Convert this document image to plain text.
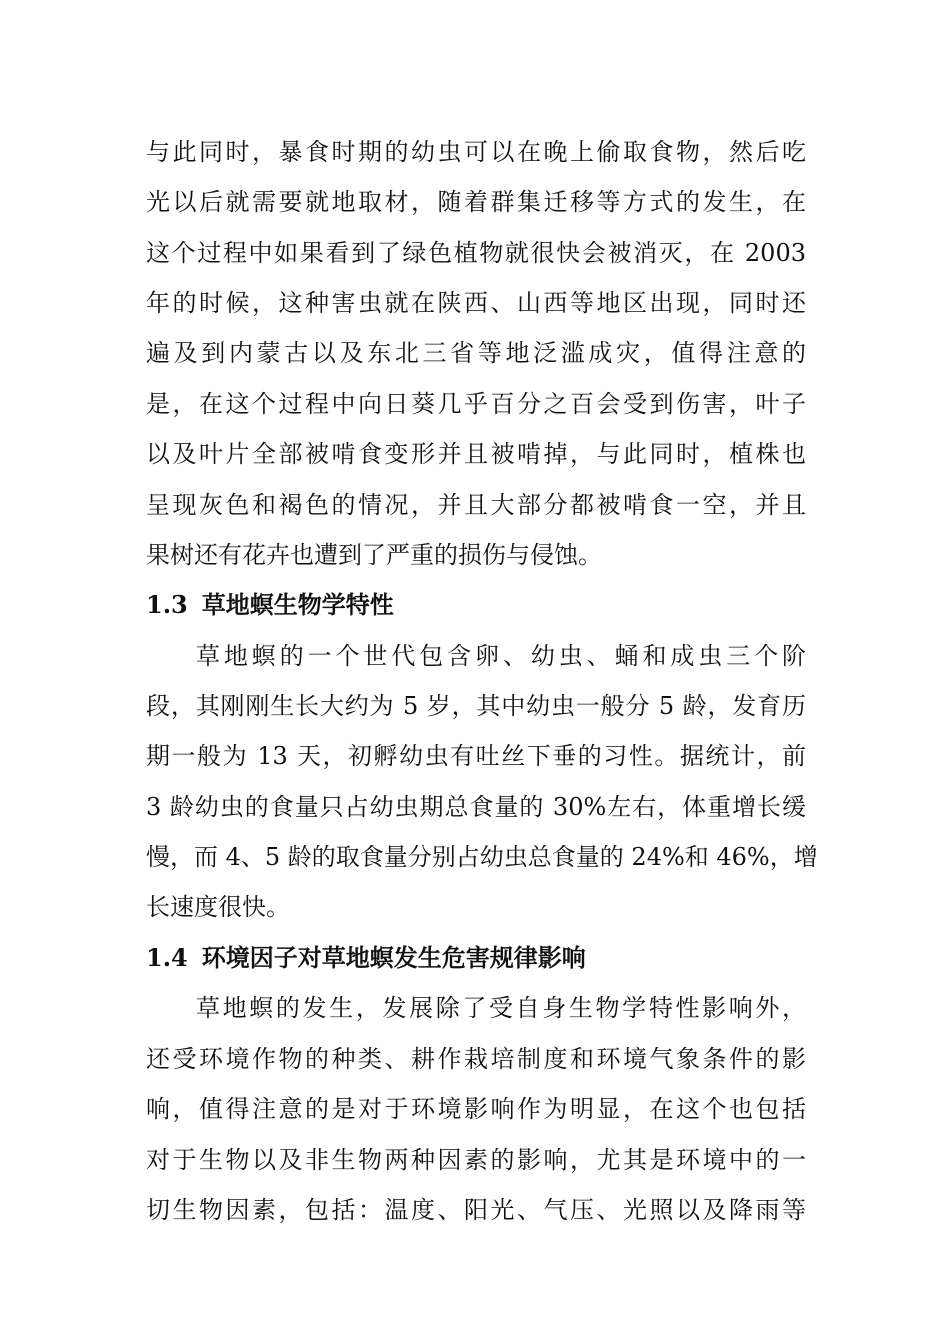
与此同时，暴食时期的幼虫可以在晚上偷取食物，然后吃
光以后就需要就地取材，随着群集迁移等方式的发生，在
这个过程中如果看到了绿色植物就很快会被消灭，在 2003
年的时候，这种害虫就在陕西、山西等地区出现，同时还
遍及到内蒙古以及东北三省等地泛滥成灾，值得注意的
是，在这个过程中向日葵几乎百分之百会受到伤害，叶子
以及叶片全部被啃食变形并且被啃掉，与此同时，植株也
呈现灰色和褐色的情况，并且大部分都被啃食一空，并且
果树还有花卉也遭到了严重的损伤与侵蚀。
1.3 草地螟生物学特性
草地螟的一个世代包含卵、幼虫、蛹和成虫三个阶
段，其刚刚生长大约为 5 岁，其中幼虫一般分 5 龄，发育历
期一般为 13 天，初孵幼虫有吐丝下垂的习性。据统计，前
3 龄幼虫的食量只占幼虫期总食量的 30%左右，体重增长缓
慢，而 4、5 龄的取食量分别占幼虫总食量的 24%和 46%，增
长速度很快。
1.4 环境因子对草地螟发生危害规律影响
草地螟的发生，发展除了受自身生物学特性影响外，
还受环境作物的种类、耕作栽培制度和环境气象条件的影
响，值得注意的是对于环境影响作为明显，在这个也包括
对于生物以及非生物两种因素的影响，尤其是环境中的一
切生物因素，包括：温度、阳光、气压、光照以及降雨等
